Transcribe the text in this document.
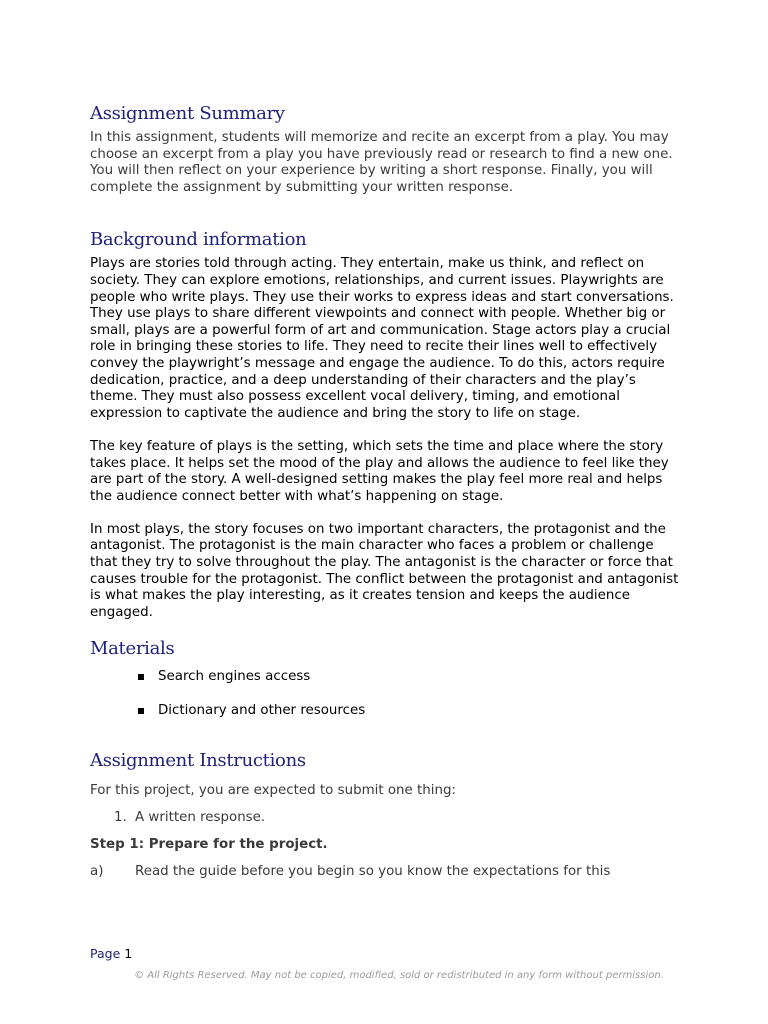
Assignment Summary

In this assignment, students will memorize and recite an excerpt from a play. You may choose an excerpt from a play you have previously read or research to find a new one. You will then reflect on your experience by writing a short response. Finally, you will complete the assignment by submitting your written response.

Background information

Plays are stories told through acting. They entertain, make us think, and reflect on society. They can explore emotions, relationships, and current issues. Playwrights are people who write plays. They use their works to express ideas and start conversations. They use plays to share different viewpoints and connect with people. Whether big or small, plays are a powerful form of art and communication. Stage actors play a crucial role in bringing these stories to life. They need to recite their lines well to effectively convey the playwright’s message and engage the audience. To do this, actors require dedication, practice, and a deep understanding of their characters and the play’s theme. They must also possess excellent vocal delivery, timing, and emotional expression to captivate the audience and bring the story to life on stage.

The key feature of plays is the setting, which sets the time and place where the story takes place. It helps set the mood of the play and allows the audience to feel like they are part of the story. A well-designed setting makes the play feel more real and helps the audience connect better with what’s happening on stage.

In most plays, the story focuses on two important characters, the protagonist and the antagonist. The protagonist is the main character who faces a problem or challenge that they try to solve throughout the play. The antagonist is the character or force that causes trouble for the protagonist. The conflict between the protagonist and antagonist is what makes the play interesting, as it creates tension and keeps the audience engaged.

Materials
Search engines access
Dictionary and other resources
Assignment Instructions
For this project, you are expected to submit one thing:
1. A written response.
Step 1: Prepare for the project.
a)	Read the guide before you begin so you know the expectations for this
Page 1
© All Rights Reserved. May not be copied, modified, sold or redistributed in any form without permission.
